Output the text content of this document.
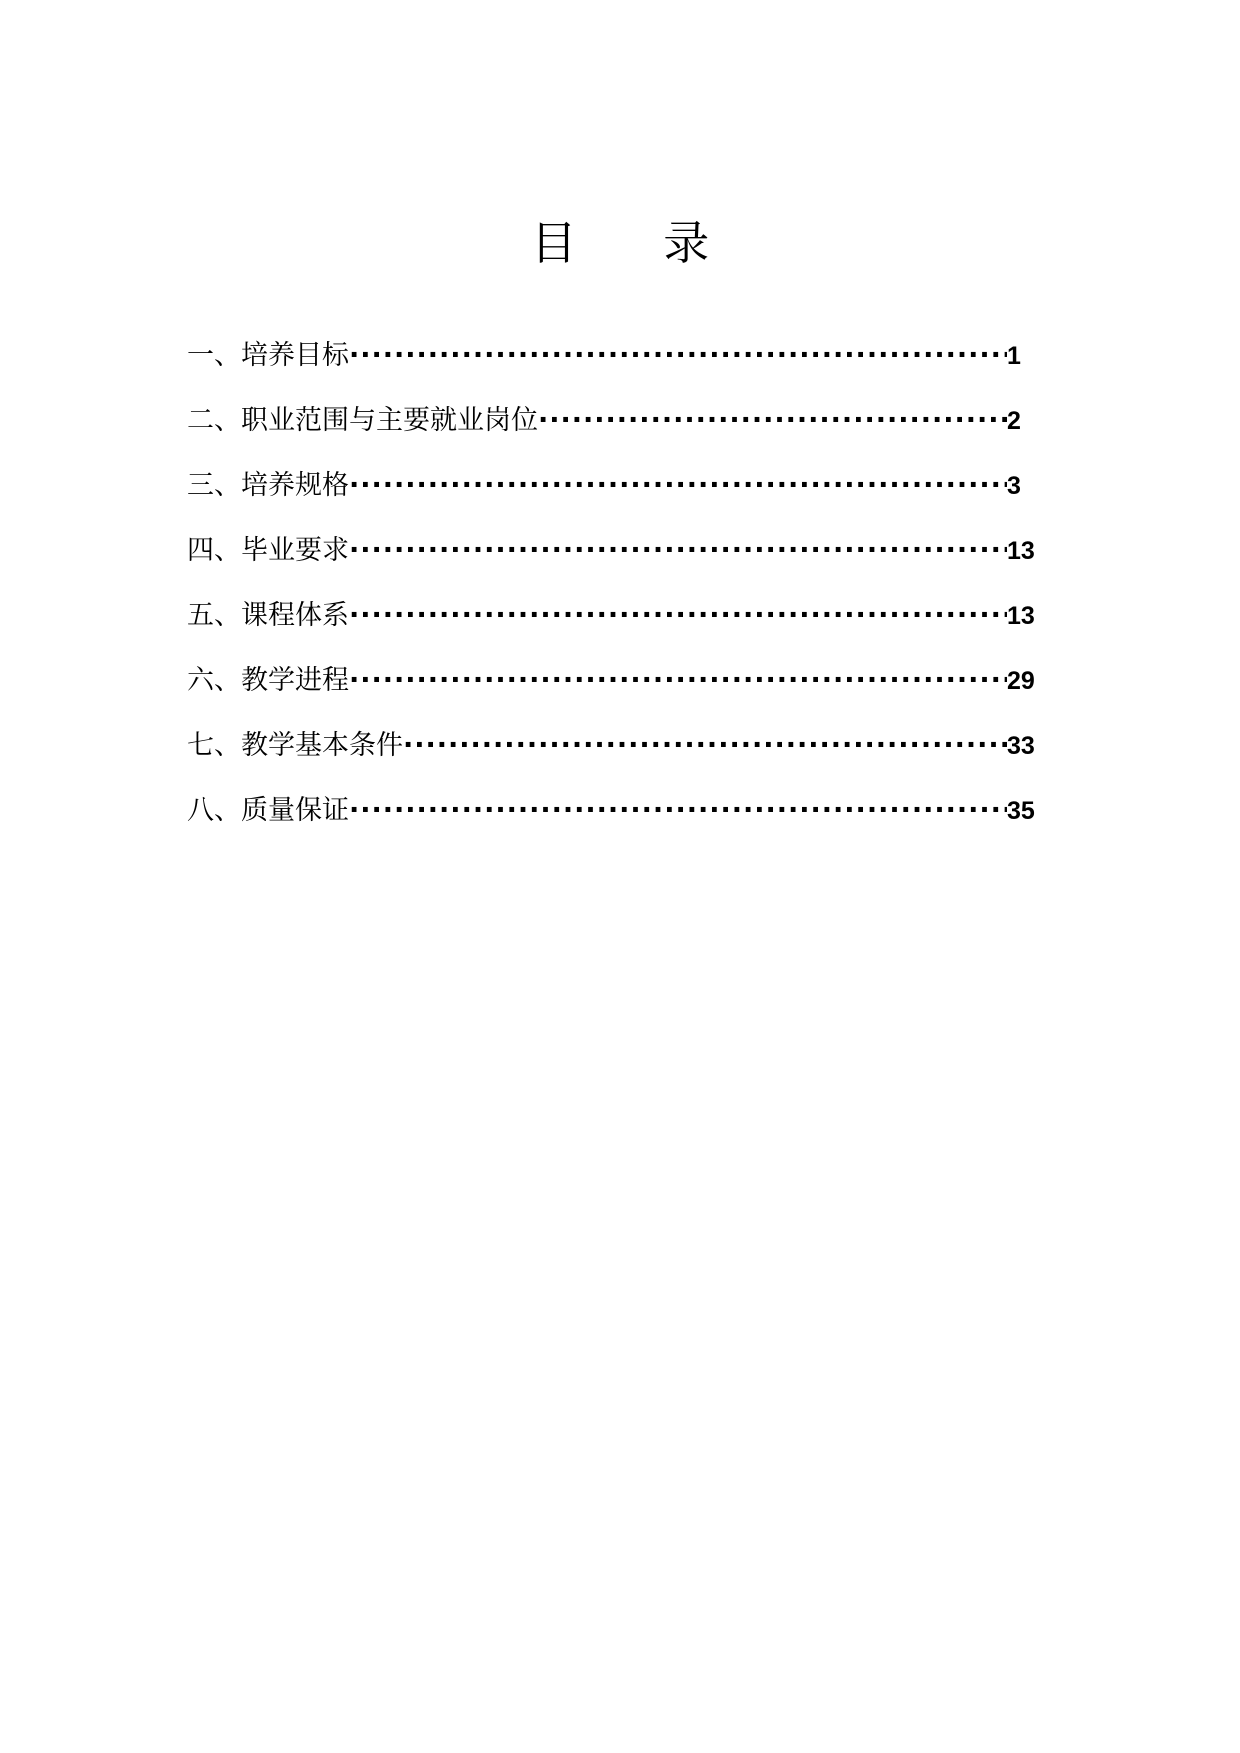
目 录
一、培养目标 ·····	1
二、职业范围与主要就业岗位 ·····	2
三、培养规格 ·····	3
四、毕业要求 ·····	13
五、课程体系 ·····	13
六、教学进程 ·····	29
七、教学基本条件 ·····	33
八、质量保证 ·····	35
